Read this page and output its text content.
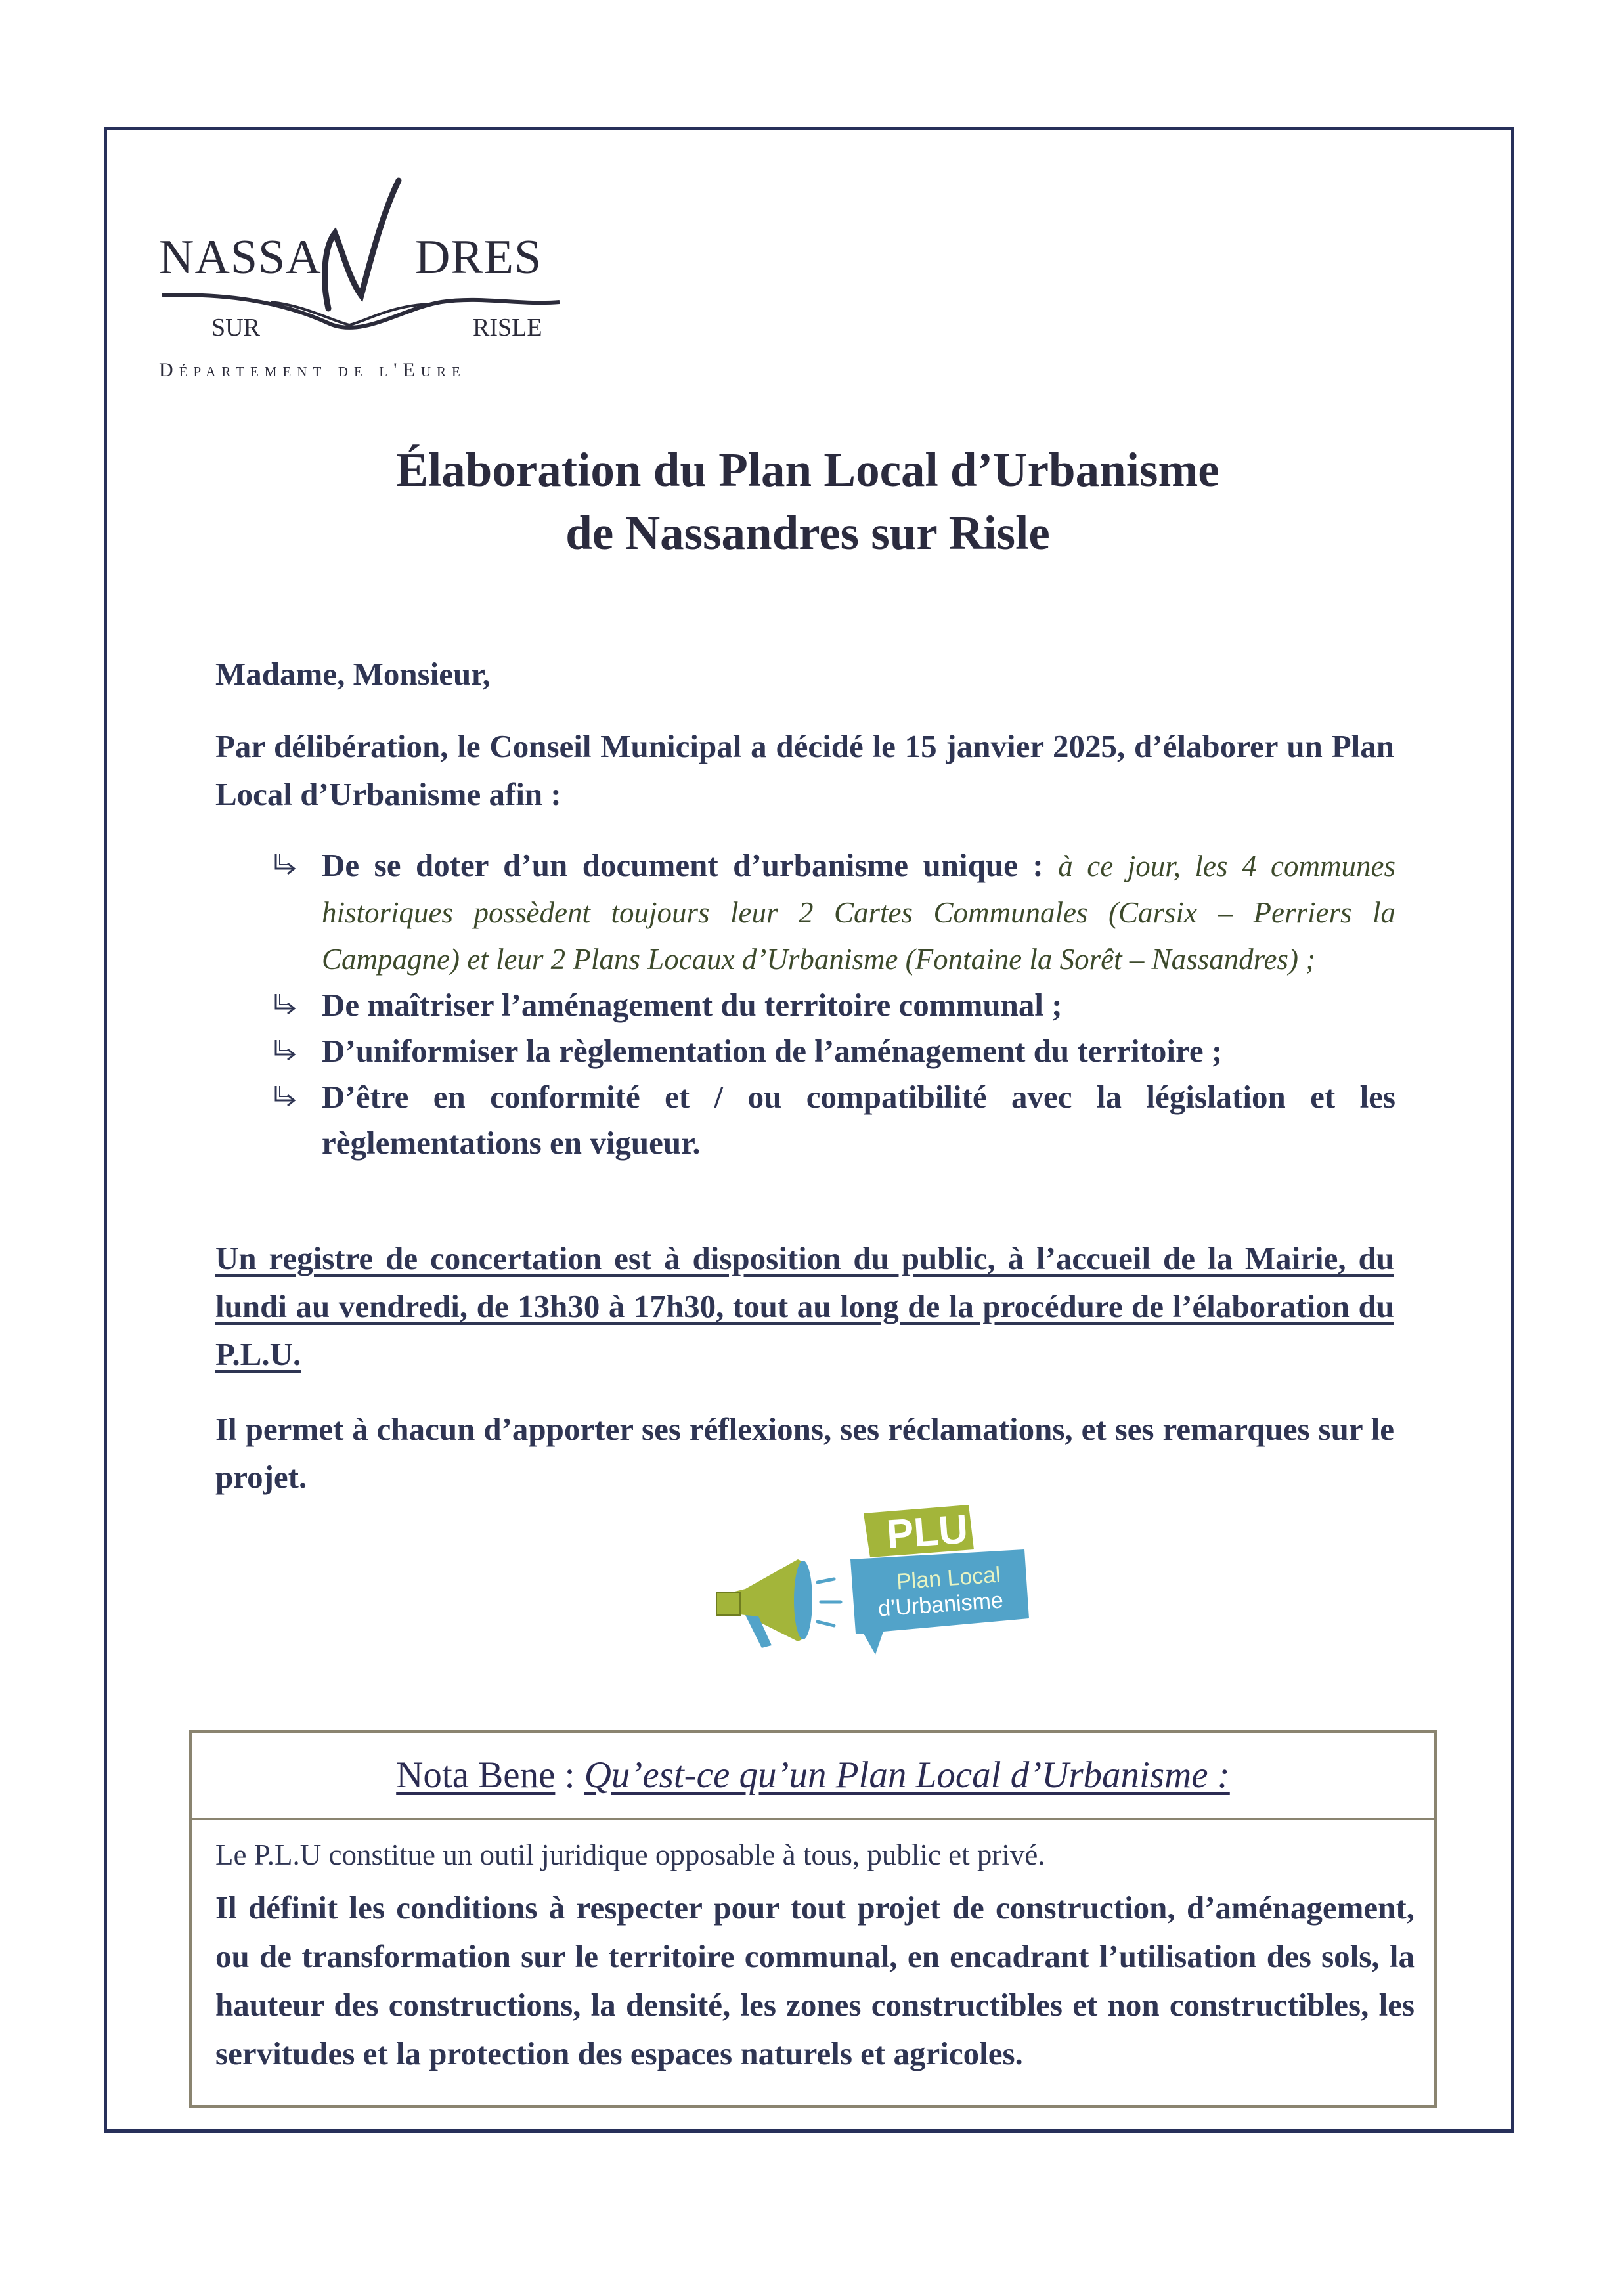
NASSA DRES
SUR	RISLE
Département de l'Eure
Élaboration du Plan Local d’Urbanisme
de Nassandres sur Risle
Madame, Monsieur,
Par délibération, le Conseil Municipal a décidé le 15 janvier 2025, d’élaborer un Plan Local d’Urbanisme afin :
De se doter d’un document d’urbanisme unique : à ce jour, les 4 communes historiques possèdent toujours leur 2 Cartes Communales (Carsix – Perriers la Campagne) et leur 2 Plans Locaux d’Urbanisme (Fontaine la Sorêt – Nassandres) ;
De maîtriser l’aménagement du territoire communal ;
D’uniformiser la règlementation de l’aménagement du territoire ;
D’être en conformité et / ou compatibilité avec la législation et les règlementations en vigueur.
Un registre de concertation est à disposition du public, à l’accueil de la Mairie, du lundi au vendredi, de 13h30 à 17h30, tout au long de la procédure de l’élaboration du P.L.U.
Il permet à chacun d’apporter ses réflexions, ses réclamations, et ses remarques sur le projet.
PLU
Plan Local
d’Urbanisme
Nota Bene : Qu’est-ce qu’un Plan Local d’Urbanisme :
Le P.L.U constitue un outil juridique opposable à tous, public et privé.
Il définit les conditions à respecter pour tout projet de construction, d’aménagement, ou de transformation sur le territoire communal, en encadrant l’utilisation des sols, la hauteur des constructions, la densité, les zones constructibles et non constructibles, les servitudes et la protection des espaces naturels et agricoles.
